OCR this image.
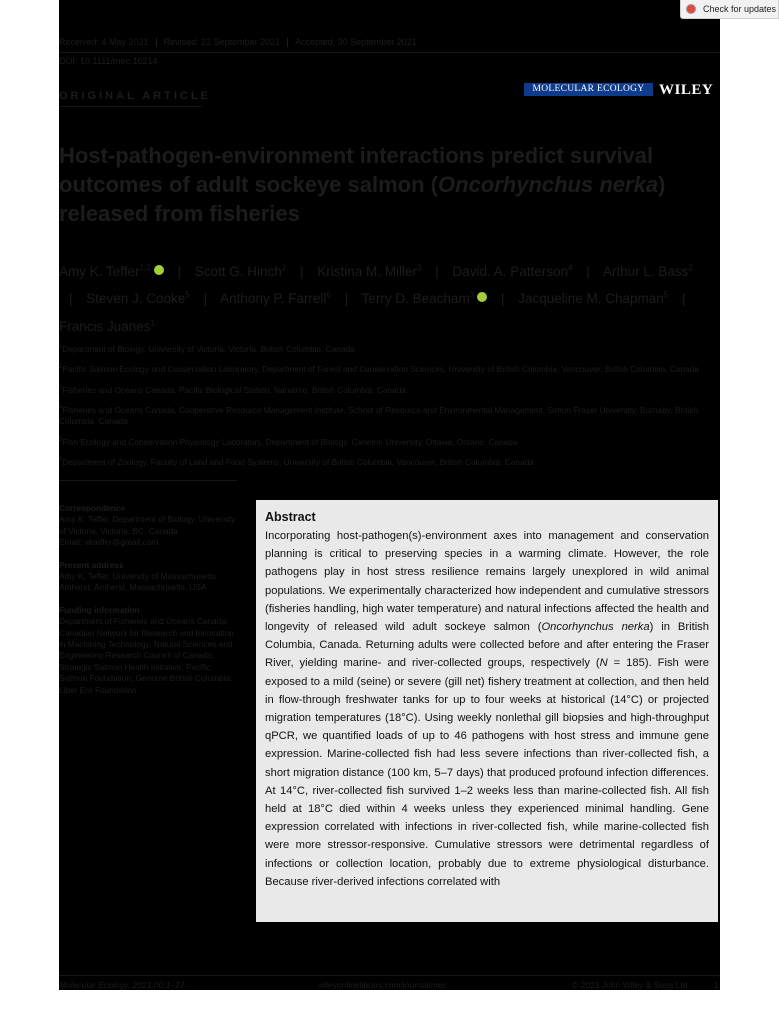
Received: 4 May 2021 Revised: 22 September 2021 Accepted: 30 September 2021
DOI: 10.1111/mec.16214
ORIGINAL ARTICLE
MOLECULAR ECOLOGY WILEY
Host-pathogen-environment interactions predict survival outcomes of adult sockeye salmon (Oncorhynchus nerka) released from fisheries
Amy K. Teffer$^{1,2}$ | Scott G. Hinch$^2$ | Kristina M. Miller$^3$ | David. A. Patterson$^4$ | Arthur L. Bass$^2$ | Steven J. Cooke$^5$ | Anthony P. Farrell$^6$ | Terry D. Beacham$^3$ | Jacqueline M. Chapman$^5$ | Francis Juanes$^1$

$^1$Department of Biology, University of Victoria, Victoria, British Columbia, Canada

$^2$Pacific Salmon Ecology and Conservation Laboratory, Department of Forest and Conservation Sciences, University of British Columbia, Vancouver, British Columbia, Canada

$^3$Fisheries and Oceans Canada, Pacific Biological Station, Nanaimo, British Columbia, Canada

$^4$Fisheries and Oceans Canada, Cooperative Resource Management Institute, School of Resource and Environmental Management, Simon Fraser University, Burnaby, British Columbia, Canada

$^5$Fish Ecology and Conservation Physiology Laboratory, Department of Biology, Carleton University, Ottawa, Ontario, Canada

$^6$Department of Zoology, Faculty of Land and Food Systems, University of British Columbia, Vancouver, British Columbia, Canada

Correspondence
Amy K. Teffer, Department of Biology, University of Victoria, Victoria, BC, Canada.
Email: akteffer@gmail.com
Present address
Amy K. Teffer, University of Massachusetts Amherst, Amherst, Massachusetts, USA
Funding information
Department of Fisheries and Oceans Canada; Canadian Network for Research and Innovation in Machining Technology, Natural Sciences and Engineering Research Council of Canada; Strategic Salmon Health Initiative; Pacific Salmon Foundation; Genome British Columbia; Liber Ero Foundation
Abstract
Incorporating host-pathogen(s)-environment axes into management and conservation planning is critical to preserving species in a warming climate. However, the role pathogens play in host stress resilience remains largely unexplored in wild animal populations. We experimentally characterized how independent and cumulative stressors (fisheries handling, high water temperature) and natural infections affected the health and longevity of released wild adult sockeye salmon (Oncorhynchus nerka) in British Columbia, Canada. Returning adults were collected before and after entering the Fraser River, yielding marine- and river-collected groups, respectively (N = 185). Fish were exposed to a mild (seine) or severe (gill net) fishery treatment at collection, and then held in flow-through freshwater tanks for up to four weeks at historical (14°C) or projected migration temperatures (18°C). Using weekly nonlethal gill biopsies and high-throughput qPCR, we quantified loads of up to 46 pathogens with host stress and immune gene expression. Marine-collected fish had less severe infections than river-collected fish, a short migration distance (100 km, 5–7 days) that produced profound infection differences. At 14°C, river-collected fish survived 1–2 weeks less than marine-collected fish. All fish held at 18°C died within 4 weeks unless they experienced minimal handling. Gene expression correlated with infections in river-collected fish, while marine-collected fish were more stressor-responsive. Cumulative stressors were detrimental regardless of infections or collection location, probably due to extreme physiological disturbance. Because river-derived infections correlated with
Molecular Ecology. 2021;00:1–27.	wileyonlinelibrary.com/journal/mec	© 2021 John Wiley & Sons Ltd	1
Check for updates
